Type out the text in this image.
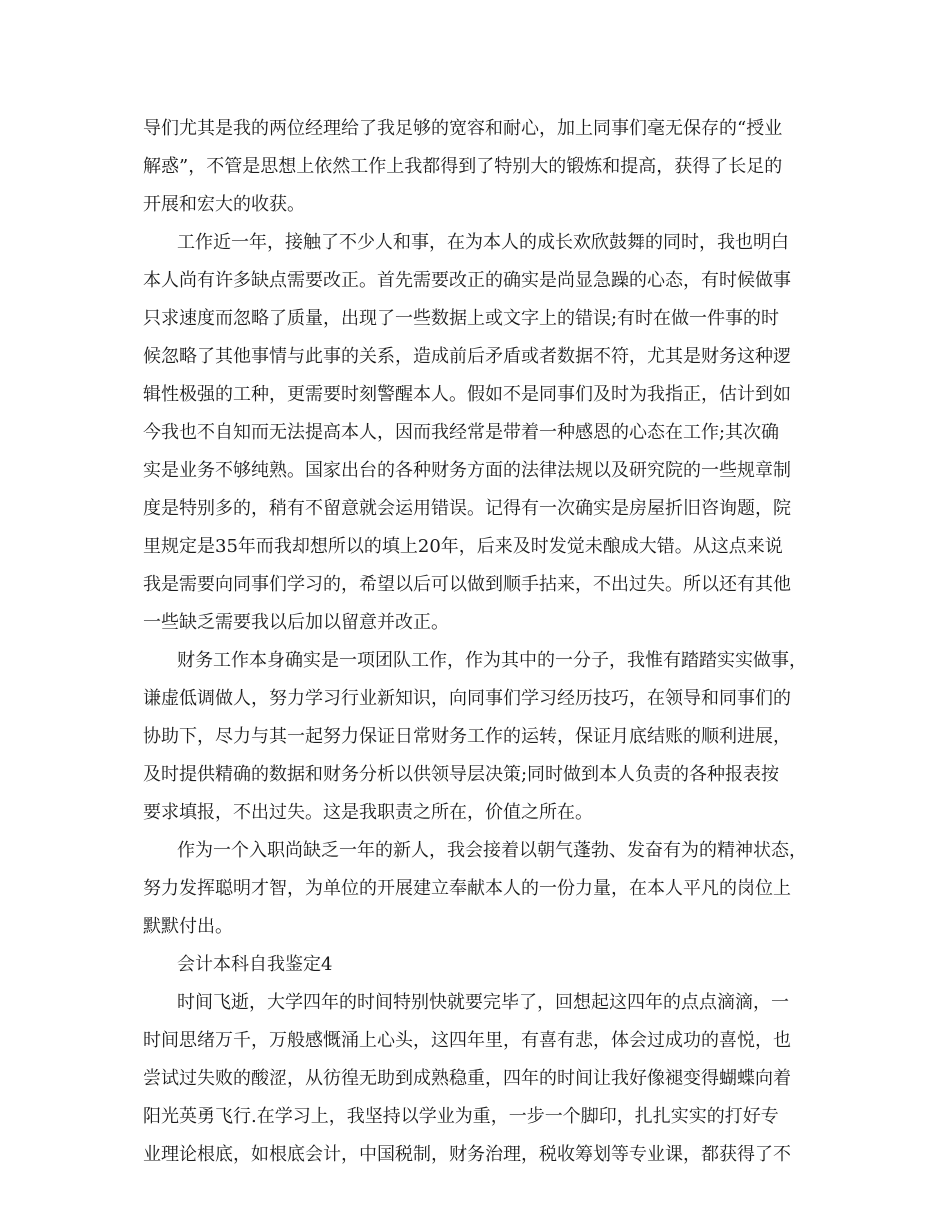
导们尤其是我的两位经理给了我足够的宽容和耐心，加上同事们毫无保存的“授业
解惑”，不管是思想上依然工作上我都得到了特别大的锻炼和提高，获得了长足的
开展和宏大的收获。
工作近一年，接触了不少人和事，在为本人的成长欢欣鼓舞的同时，我也明白
本人尚有许多缺点需要改正。首先需要改正的确实是尚显急躁的心态，有时候做事
只求速度而忽略了质量，出现了一些数据上或文字上的错误;有时在做一件事的时
候忽略了其他事情与此事的关系，造成前后矛盾或者数据不符，尤其是财务这种逻
辑性极强的工种，更需要时刻警醒本人。假如不是同事们及时为我指正，估计到如
今我也不自知而无法提高本人，因而我经常是带着一种感恩的心态在工作;其次确
实是业务不够纯熟。国家出台的各种财务方面的法律法规以及研究院的一些规章制
度是特别多的，稍有不留意就会运用错误。记得有一次确实是房屋折旧咨询题，院
里规定是35年而我却想所以的填上20年，后来及时发觉未酿成大错。从这点来说
我是需要向同事们学习的，希望以后可以做到顺手拈来，不出过失。所以还有其他
一些缺乏需要我以后加以留意并改正。
财务工作本身确实是一项团队工作，作为其中的一分子，我惟有踏踏实实做事，
谦虚低调做人，努力学习行业新知识，向同事们学习经历技巧，在领导和同事们的
协助下，尽力与其一起努力保证日常财务工作的运转，保证月底结账的顺利进展，
及时提供精确的数据和财务分析以供领导层决策;同时做到本人负责的各种报表按
要求填报，不出过失。这是我职责之所在，价值之所在。
作为一个入职尚缺乏一年的新人，我会接着以朝气蓬勃、发奋有为的精神状态，
努力发挥聪明才智，为单位的开展建立奉献本人的一份力量，在本人平凡的岗位上
默默付出。
会计本科自我鉴定4
时间飞逝，大学四年的时间特别快就要完毕了，回想起这四年的点点滴滴，一
时间思绪万千，万般感慨涌上心头，这四年里，有喜有悲，体会过成功的喜悦，也
尝试过失败的酸涩，从彷徨无助到成熟稳重，四年的时间让我好像褪变得蝴蝶向着
阳光英勇飞行.在学习上，我坚持以学业为重，一步一个脚印，扎扎实实的打好专
业理论根底，如根底会计，中国税制，财务治理，税收筹划等专业课，都获得了不
